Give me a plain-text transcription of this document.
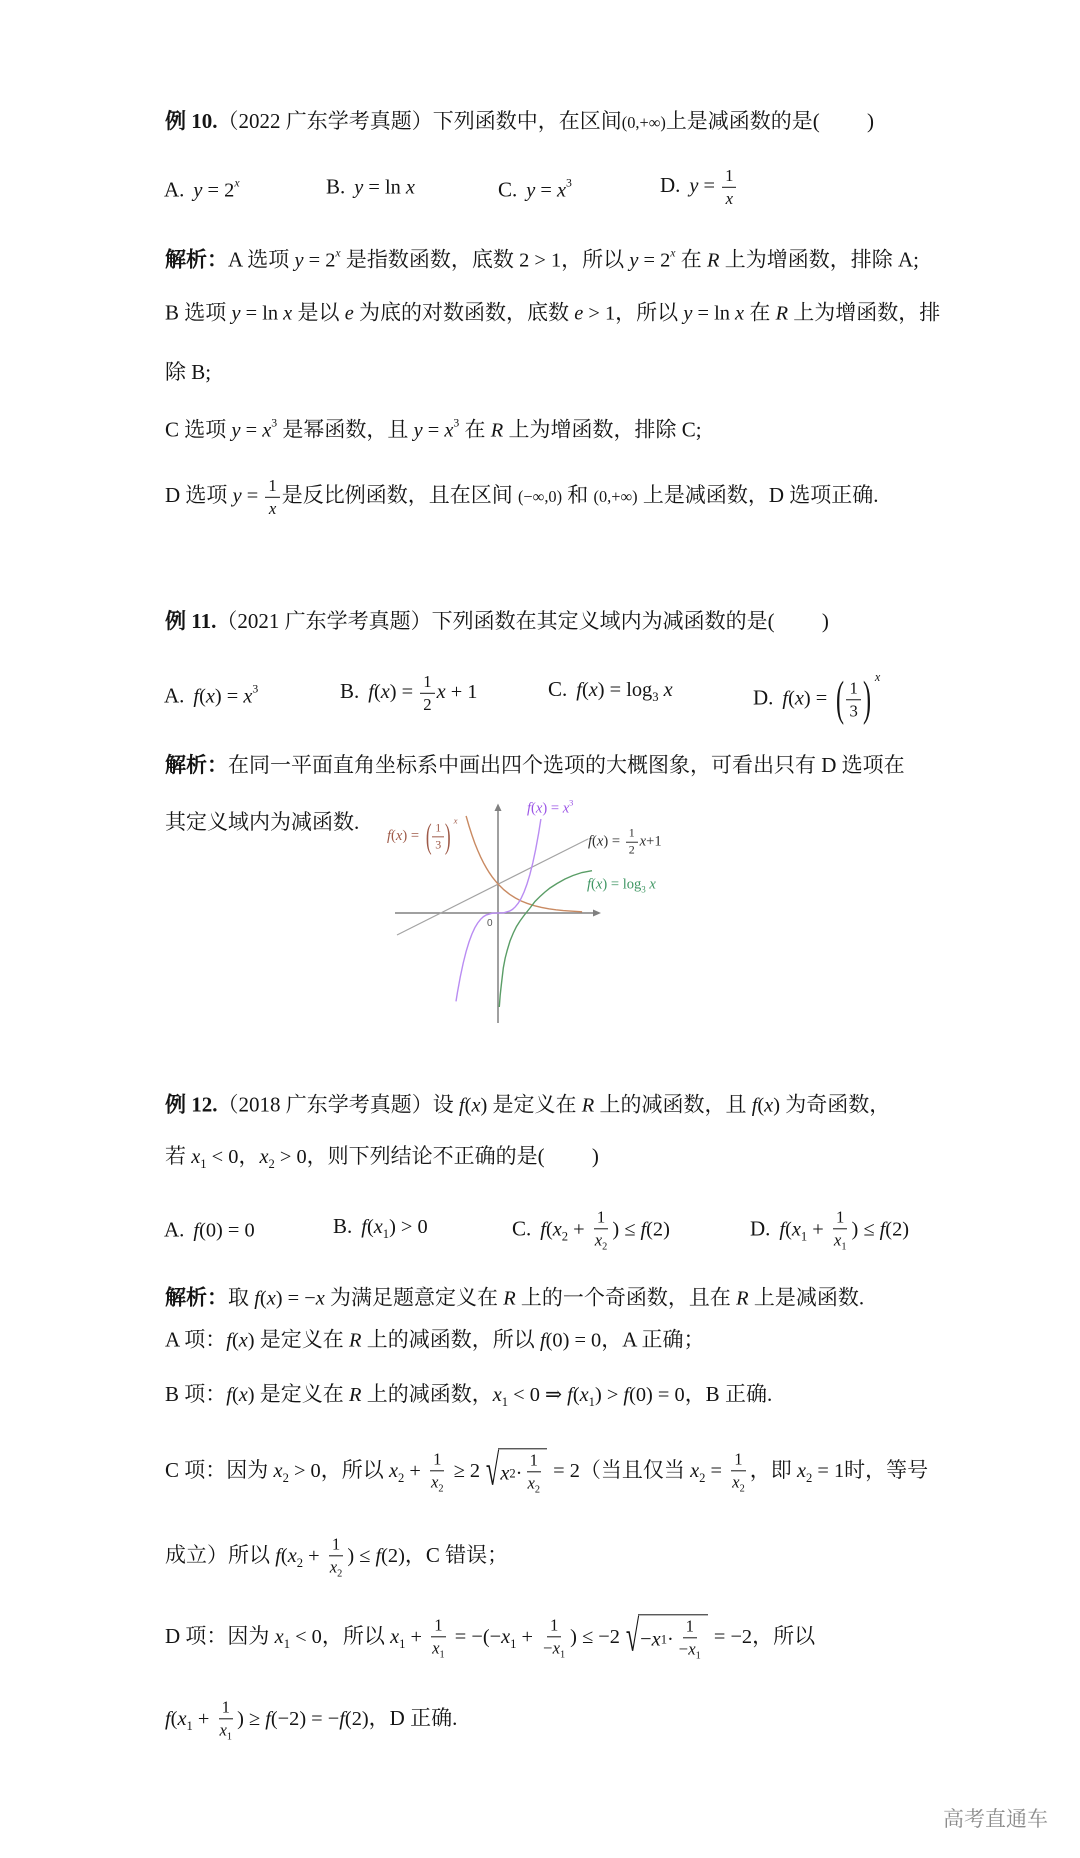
例 10.（2022 广东学考真题）下列函数中，在区间(0,+∞)上是减函数的是(　　 )
A. $y = 2^x$	B. y = ln x	C. $y = x^3$	D. $y = \frac{1}{x}$
解析：A 选项 $y = 2^x$ 是指数函数，底数 2 > 1，所以 $y = 2^x$ 在 R 上为增函数，排除 A;
B 选项 y = ln x 是以 e 为底的对数函数，底数 e > 1，所以 y = ln x 在 R 上为增函数，排
除 B;
C 选项 $y = x^3$ 是幂函数，且 $y = x^3$ 在 R 上为增函数，排除 C;
D 选项 $y = \frac{1}{x}$ 是反比例函数，且在区间 (−∞,0) 和 (0,+∞) 上是减函数，D 选项正确.
例 11.（2021 广东学考真题）下列函数在其定义域内为减函数的是(　　 )
A. $f(x) = x^3$	B. $f(x) = \frac{1}{2}$ x + 1	C. $f(x) = \log_3 x$	D. f(x) = ( $\frac{1}{3}$ ) $^x$
解析：在同一平面直角坐标系中画出四个选项的大概图象，可看出只有 D 选项在
其定义域内为减函数.
0
f(x) = ( $\frac{1}{3}$ ) $^x$
$f(x) = x^3$
$f(x) = \frac{1}{2} x+1$
$f(x) = \log_3 x$
例 12.（2018 广东学考真题）设 f(x) 是定义在 R 上的减函数，且 f(x) 为奇函数，
若 $x_1 < 0$，$x_2 > 0$，则下列结论不正确的是(　　 )
A. f(0) = 0	B. $f(x_1) > 0$	C. $f(x_2 + \frac{1}{x_2}$ ) ≤ f(2)	D. $f(x_1 + \frac{1}{x_1}$ ) ≤ f(2)
解析：取 f(x) = −x 为满足题意定义在 R 上的一个奇函数，且在 R 上是减函数.
A 项：f(x) 是定义在 R 上的减函数，所以 f(0) = 0，A 正确；
B 项：f(x) 是定义在 R 上的减函数，$x_1 < 0$ ⇒ $f(x_1) > f(0) = 0$，B 正确.
C 项：因为 $x_2 > 0$，所以 $x_2 + \frac{1}{x_2} \ge 2$ √ x $2 \cdot \frac{1}{x_2} = 2$（当且仅当 $x_2 = \frac{1}{x_2}$ ，即 $x_2 = 1$时，等号
成立）所以 $f(x_2 + \frac{1}{x_2}$ ) ≤ f(2)，C 错误；
D 项：因为 $x_1 < 0$，所以 $x_1 + \frac{1}{x_1} = -(-x_1 + \frac{1}{-x_1}$ ) ≤ −2 √ − x $1 \cdot \frac{1}{-x_1} = -2$，所以
$f(x_1 + \frac{1}{x_1}$ ) ≥ f(−2) = −f(2)，D 正确.
高考直通车
